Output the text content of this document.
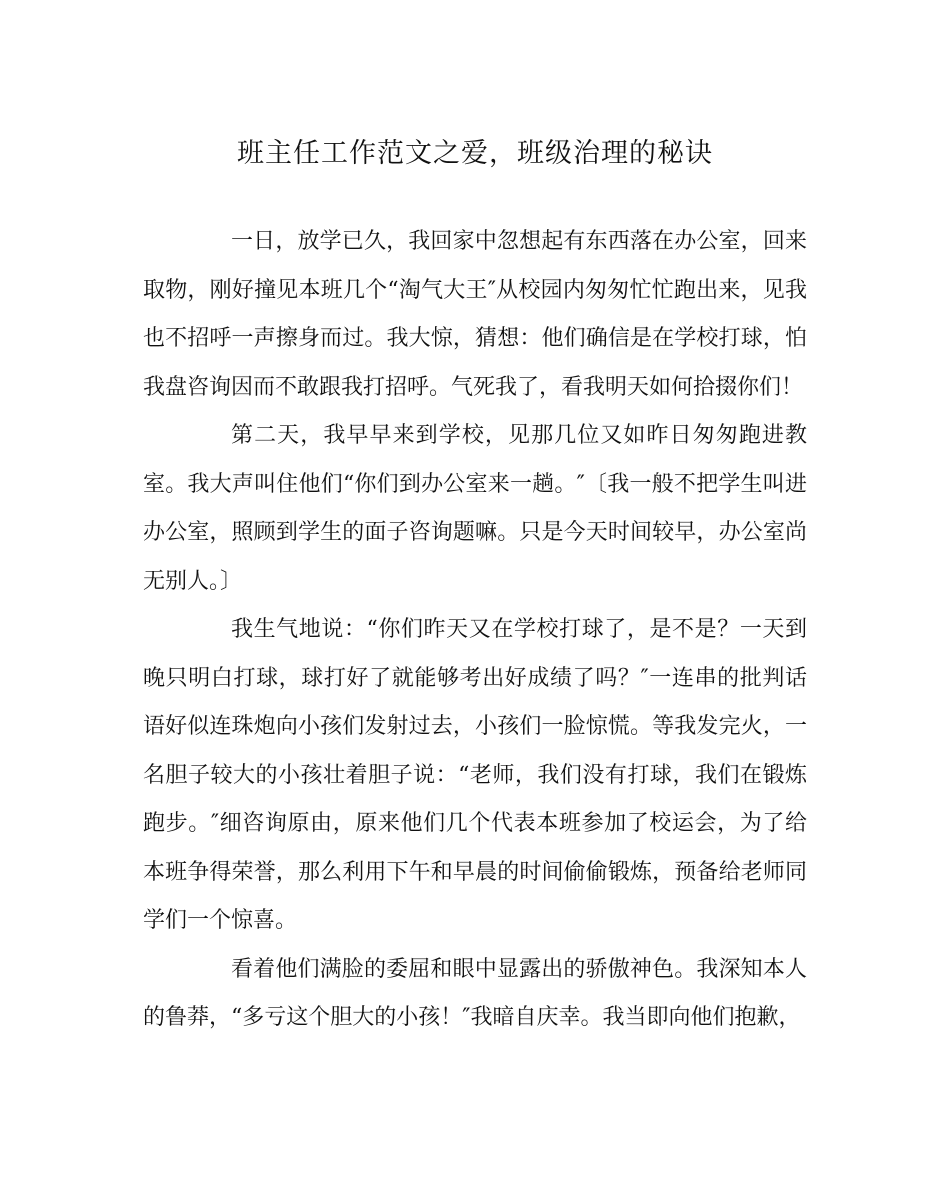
班主任工作范文之爱，班级治理的秘诀

一日，放学已久，我回家中忽想起有东西落在办公室，回来取物，刚好撞见本班几个“淘气大王″从校园内匆匆忙忙跑出来，见我也不招呼一声擦身而过。我大惊，猜想：他们确信是在学校打球，怕我盘咨询因而不敢跟我打招呼。气死我了，看我明天如何拾掇你们！

第二天，我早早来到学校，见那几位又如昨日匆匆跑进教室。我大声叫住他们“你们到办公室来一趟。″〔我一般不把学生叫进办公室，照顾到学生的面子咨询题嘛。只是今天时间较早，办公室尚无别人。〕

我生气地说：“你们昨天又在学校打球了，是不是？一天到晚只明白打球，球打好了就能够考出好成绩了吗？″一连串的批判话语好似连珠炮向小孩们发射过去，小孩们一脸惊慌。等我发完火，一名胆子较大的小孩壮着胆子说：“老师，我们没有打球，我们在锻炼跑步。″细咨询原由，原来他们几个代表本班参加了校运会，为了给本班争得荣誉，那么利用下午和早晨的时间偷偷锻炼，预备给老师同学们一个惊喜。

看着他们满脸的委屈和眼中显露出的骄傲神色。我深知本人的鲁莽，“多亏这个胆大的小孩！″我暗自庆幸。我当即向他们抱歉，
